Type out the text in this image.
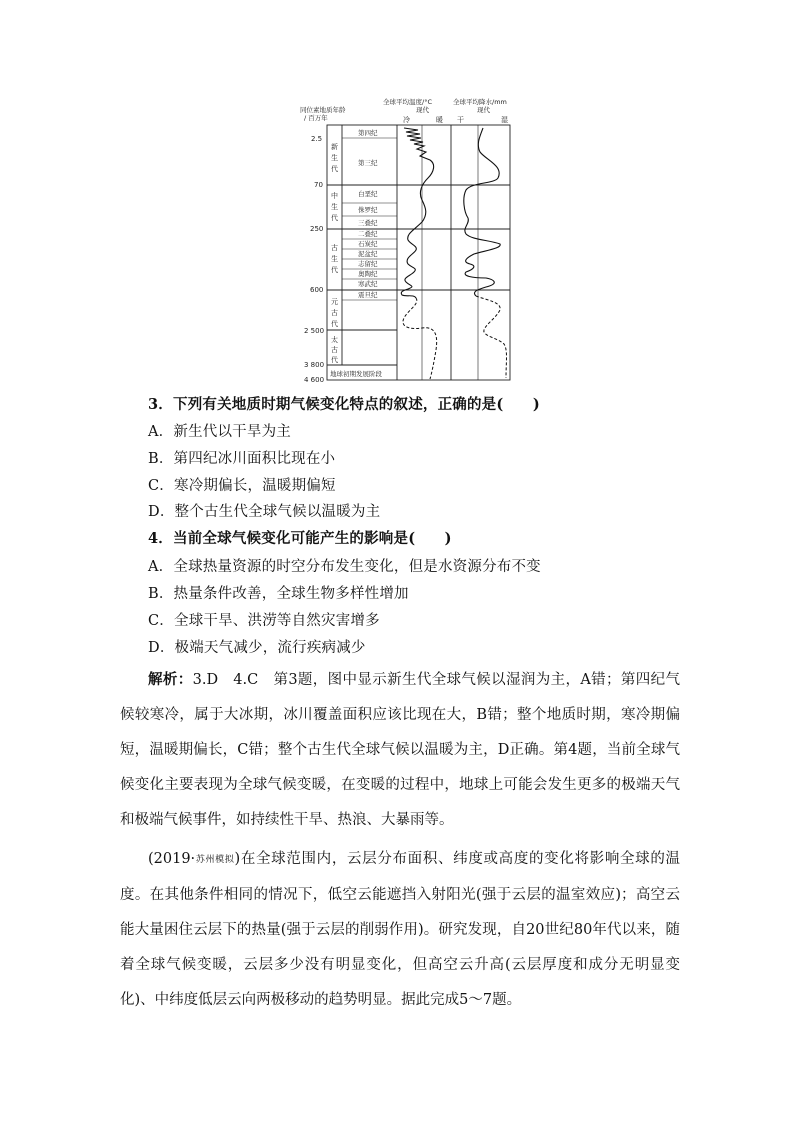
同位素地质年龄
/ 百万年
全球平均温度/°C
现代
冷	暖
全球平均降水/mm
现代
干	湿
2.5
70
250
600
2 500
3 800
4 600
新
生
代
中
生
代
古
生
代
元
古
代
太
古
代
第四纪
第三纪
白垩纪
侏罗纪
三叠纪
二叠纪
石炭纪
泥盆纪
志留纪
奥陶纪
寒武纪
震旦纪
地球初期发展阶段
3．下列有关地质时期气候变化特点的叙述，正确的是(　　)
A．新生代以干旱为主
B．第四纪冰川面积比现在小
C．寒冷期偏长，温暖期偏短
D．整个古生代全球气候以温暖为主
4．当前全球气候变化可能产生的影响是(　　)
A．全球热量资源的时空分布发生变化，但是水资源分布不变
B．热量条件改善，全球生物多样性增加
C．全球干旱、洪涝等自然灾害增多
D．极端天气减少，流行疾病减少
解析：3.D　4.C　第3题，图中显示新生代全球气候以湿润为主，A错；第四纪气候较寒冷，属于大冰期，冰川覆盖面积应该比现在大，B错；整个地质时期，寒冷期偏短，温暖期偏长，C错；整个古生代全球气候以温暖为主，D正确。第4题，当前全球气候变化主要表现为全球气候变暖，在变暖的过程中，地球上可能会发生更多的极端天气和极端气候事件，如持续性干旱、热浪、大暴雨等。
(2019·苏州模拟)在全球范围内，云层分布面积、纬度或高度的变化将影响全球的温度。在其他条件相同的情况下，低空云能遮挡入射阳光(强于云层的温室效应)；高空云能大量困住云层下的热量(强于云层的削弱作用)。研究发现，自20世纪80年代以来，随着全球气候变暖，云层多少没有明显变化，但高空云升高(云层厚度和成分无明显变化)、中纬度低层云向两极移动的趋势明显。据此完成5～7题。
